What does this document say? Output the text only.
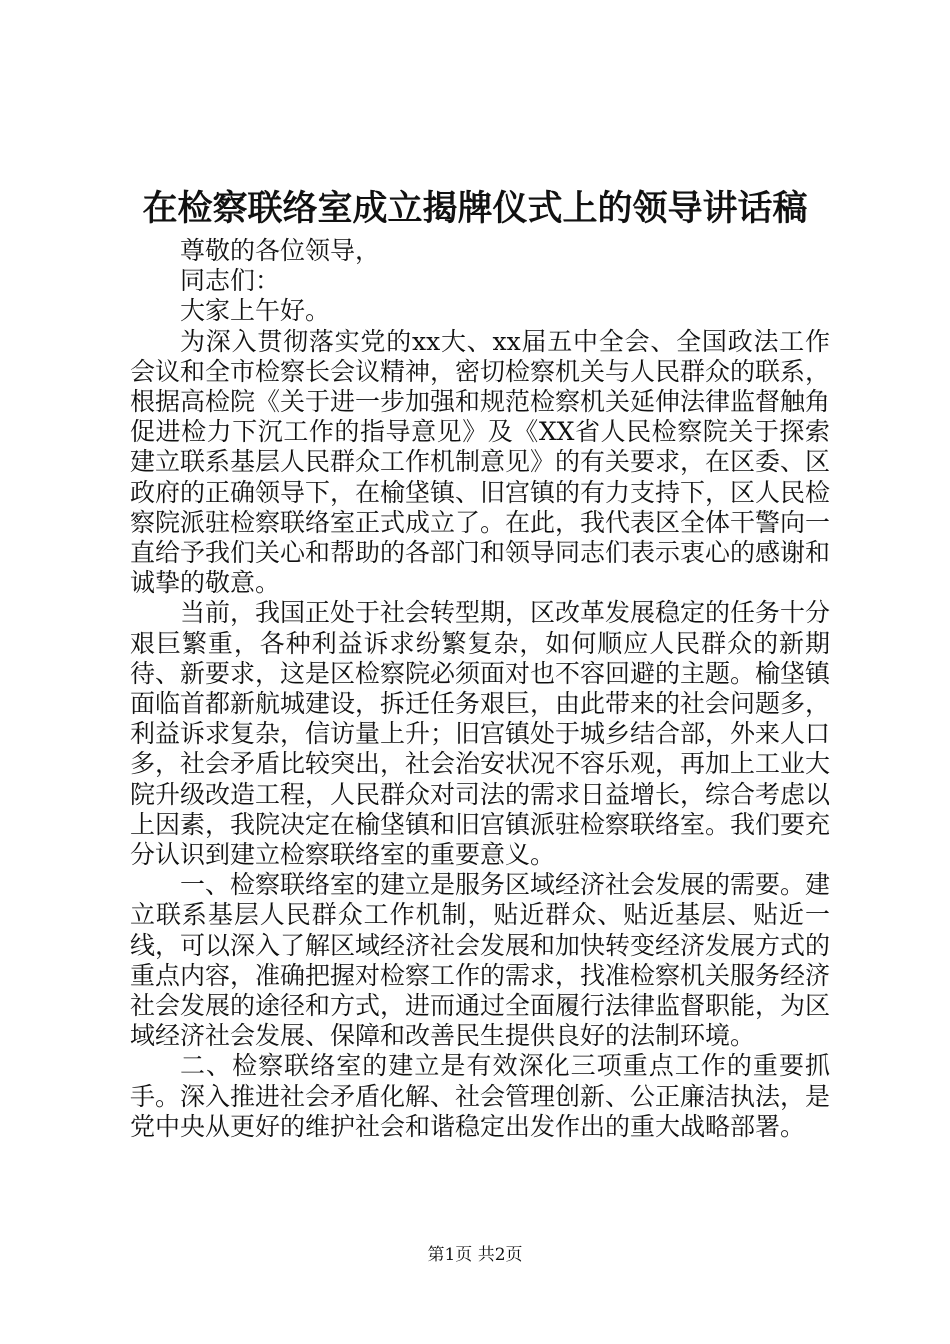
在检察联络室成立揭牌仪式上的领导讲话稿

尊敬的各位领导，

同志们：

大家上午好。

为深入贯彻落实党的xx大、xx届五中全会、全国政法工作会议和全市检察长会议精神，密切检察机关与人民群众的联系，根据高检院《关于进一步加强和规范检察机关延伸法律监督触角促进检力下沉工作的指导意见》及《XX省人民检察院关于探索建立联系基层人民群众工作机制意见》的有关要求，在区委、区政府的正确领导下，在榆垡镇、旧宫镇的有力支持下，区人民检察院派驻检察联络室正式成立了。在此，我代表区全体干警向一直给予我们关心和帮助的各部门和领导同志们表示衷心的感谢和诚挚的敬意。

当前，我国正处于社会转型期，区改革发展稳定的任务十分艰巨繁重，各种利益诉求纷繁复杂，如何顺应人民群众的新期待、新要求，这是区检察院必须面对也不容回避的主题。榆垡镇面临首都新航城建设，拆迁任务艰巨，由此带来的社会问题多，利益诉求复杂，信访量上升；旧宫镇处于城乡结合部，外来人口多，社会矛盾比较突出，社会治安状况不容乐观，再加上工业大院升级改造工程，人民群众对司法的需求日益增长，综合考虑以上因素，我院决定在榆垡镇和旧宫镇派驻检察联络室。我们要充分认识到建立检察联络室的重要意义。

一、检察联络室的建立是服务区域经济社会发展的需要。建立联系基层人民群众工作机制，贴近群众、贴近基层、贴近一线，可以深入了解区域经济社会发展和加快转变经济发展方式的重点内容，准确把握对检察工作的需求，找准检察机关服务经济社会发展的途径和方式，进而通过全面履行法律监督职能，为区域经济社会发展、保障和改善民生提供良好的法制环境。

二、检察联络室的建立是有效深化三项重点工作的重要抓手。深入推进社会矛盾化解、社会管理创新、公正廉洁执法，是党中央从更好的维护社会和谐稳定出发作出的重大战略部署。

第1页 共2页
